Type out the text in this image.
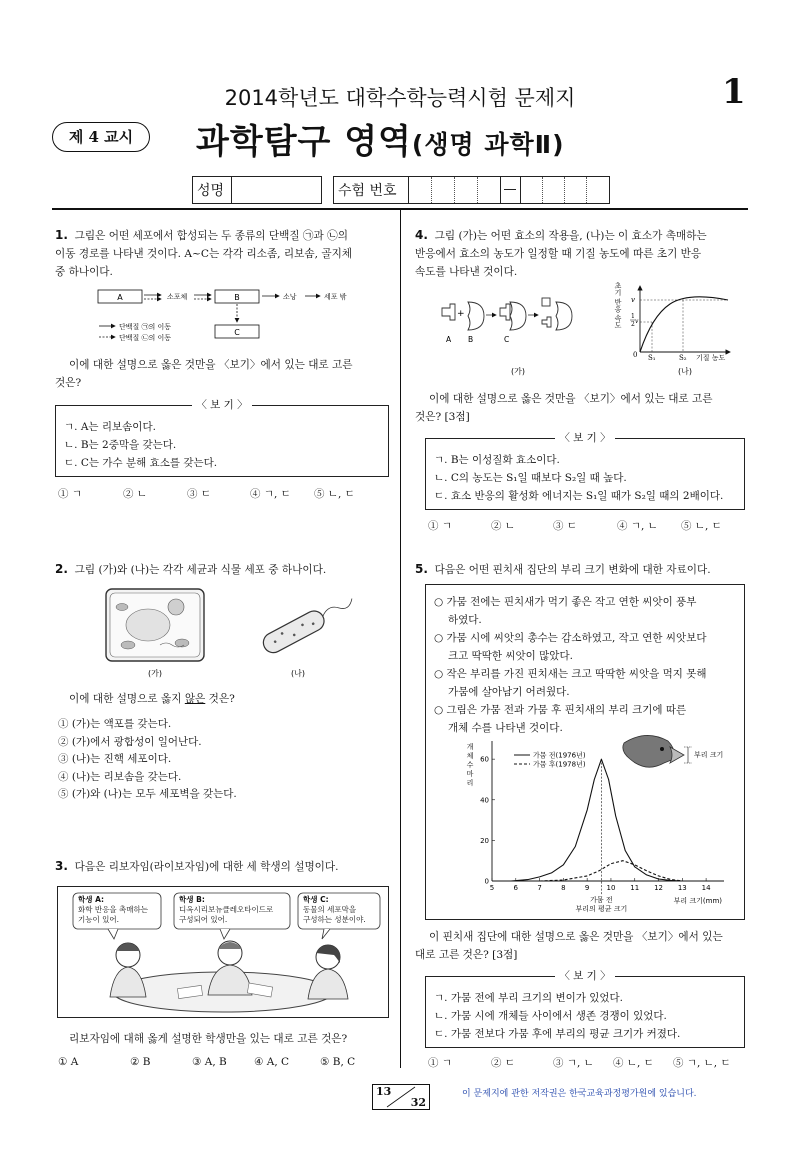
2014학년도 대학수학능력시험 문제지	1
제 4 교시	과학탐구 영역(생명 과학Ⅱ)
성명	수험 번호
1. 그림은 어떤 세포에서 합성되는 두 종류의 단백질 ㉠과 ㉡의
이동 경로를 나타낸 것이다. A~C는 각각 리소좀, 리보솜, 골지체
중 하나이다.
A	소포체	B	소낭	세포 밖
C
단백질 ㉠의 이동
단백질 ㉡의 이동
이에 대한 설명으로 옳은 것만을 〈보기〉에서 있는 대로 고른
것은?
〈 보 기 〉
ㄱ. A는 리보솜이다.
ㄴ. B는 2중막을 갖는다.
ㄷ. C는 가수 분해 효소를 갖는다.
① ㄱ	② ㄴ	③ ㄷ	④ ㄱ, ㄷ	⑤ ㄴ, ㄷ
2. 그림 (가)와 (나)는 각각 세균과 식물 세포 중 하나이다.
(가)	(나)
이에 대한 설명으로 옳지 않은 것은?
① (가)는 액포를 갖는다.
② (가)에서 광합성이 일어난다.
③ (나)는 진핵 세포이다.
④ (나)는 리보솜을 갖는다.
⑤ (가)와 (나)는 모두 세포벽을 갖는다.
3. 다음은 리보자임(라이보자임)에 대한 세 학생의 설명이다.
학생 A:
화학 반응을 촉매하는
기능이 있어.
학생 B:
디옥시리보뉴클레오타이드로
구성되어 있어.
학생 C:
동물의 세포막을
구성하는 성분이야.
리보자임에 대해 옳게 설명한 학생만을 있는 대로 고른 것은?
① A	② B	③ A, B	④ A, C	⑤ B, C
4. 그림 (가)는 어떤 효소의 작용을, (나)는 이 효소가 촉매하는
반응에서 효소의 농도가 일정할 때 기질 농도에 따른 초기 반응
속도를 나타낸 것이다.
+
A B	C
(가)
초기 반응 속도 v
1
2 v
0 S₁	S₂ 기질 농도
(나)
이에 대한 설명으로 옳은 것만을 〈보기〉에서 있는 대로 고른
것은? [3점]
〈 보 기 〉
ㄱ. B는 이성질화 효소이다.
ㄴ. C의 농도는 S₁일 때보다 S₂일 때 높다.
ㄷ. 효소 반응의 활성화 에너지는 S₁일 때가 S₂일 때의 2배이다.
① ㄱ	② ㄴ	③ ㄷ	④ ㄱ, ㄴ	⑤ ㄴ, ㄷ
5. 다음은 어떤 핀치새 집단의 부리 크기 변화에 대한 자료이다.
○ 가뭄 전에는 핀치새가 먹기 좋은 작고 연한 씨앗이 풍부
하였다.
○ 가뭄 시에 씨앗의 총수는 감소하였고, 작고 연한 씨앗보다
크고 딱딱한 씨앗이 많았다.
○ 작은 부리를 가진 핀치새는 크고 딱딱한 씨앗을 먹지 못해
가뭄에 살아남기 어려웠다.
○ 그림은 가뭄 전과 가뭄 후 핀치새의 부리 크기에 따른
개체 수를 나타낸 것이다.
5	6	7	8	9 10 11 12 13 14
0
20
40
60
개
체
수
마
리
부리 크기(mm)
가뭄 전(1976년)
가뭄 후(1978년)
가뭄 전
부리의 평균 크기
부리 크기
이 핀치새 집단에 대한 설명으로 옳은 것만을 〈보기〉에서 있는
대로 고른 것은? [3점]
〈 보 기 〉
ㄱ. 가뭄 전에 부리 크기의 변이가 있었다.
ㄴ. 가뭄 시에 개체들 사이에서 생존 경쟁이 있었다.
ㄷ. 가뭄 전보다 가뭄 후에 부리의 평균 크기가 커졌다.
① ㄱ	② ㄷ	③ ㄱ, ㄴ	④ ㄴ, ㄷ	⑤ ㄱ, ㄴ, ㄷ
13
32
이 문제지에 관한 저작권은 한국교육과정평가원에 있습니다.
